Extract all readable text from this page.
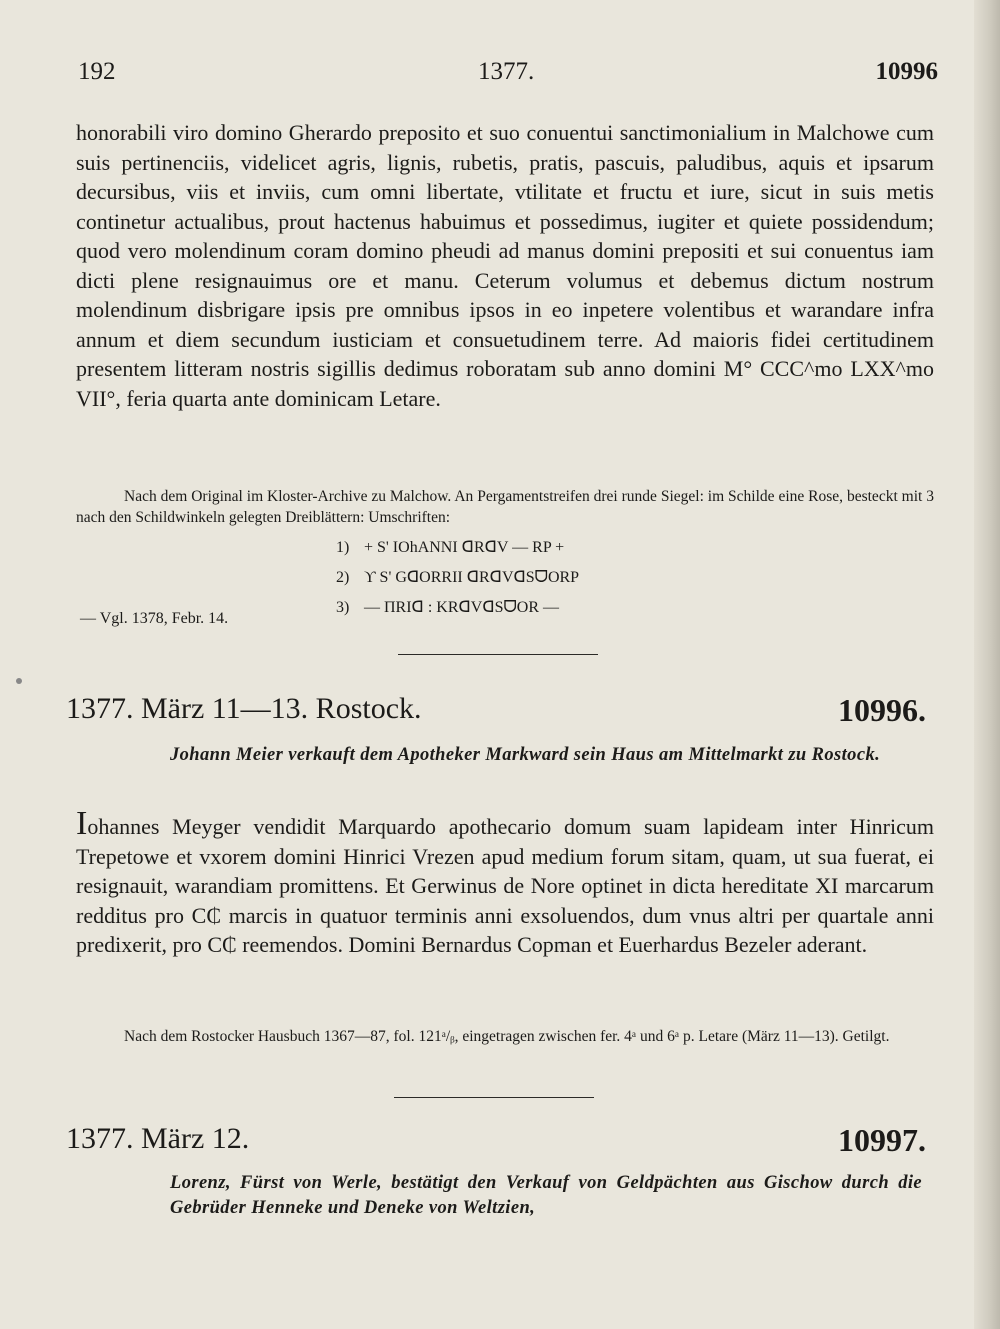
192	1377.	10996

honorabili viro domino Gherardo preposito et suo conuentui sanctimonialium in Malchowe cum suis pertinenciis, videlicet agris, lignis, rubetis, pratis, pascuis, paludibus, aquis et ipsarum decursibus, viis et inviis, cum omni libertate, vtilitate et fructu et iure, sicut in suis metis continetur actualibus, prout hactenus habuimus et possedimus, iugiter et quiete possidendum; quod vero molendinum coram domino pheudi ad manus domini prepositi et sui conuentus iam dicti plene resignauimus ore et manu. Ceterum volumus et debemus dictum nostrum molendinum disbrigare ipsis pre omnibus ipsos in eo inpetere volentibus et warandare infra annum et diem secundum iusticiam et consuetudinem terre. Ad maioris fidei certitudinem presentem litteram nostris sigillis dedimus roboratam sub anno domini M° CCC^mo LXX^mo VII°, feria quarta ante dominicam Letare.

Nach dem Original im Kloster-Archive zu Malchow. An Pergamentstreifen drei runde Siegel: im Schilde eine Rose, besteckt mit 3 nach den Schildwinkeln gelegten Dreiblättern: Umschriften:

1) + S' IOhANNI ᗡRᗡV — RP +
2) ϒ S' GᗡORRII ᗡRᗡVᗡSᗜORP
3) — ΠRIᗡ : KRᗡVᗡSᗜOR —
— Vgl. 1378, Febr. 14.
1377. März 11—13. Rostock.	10996.

Johann Meier verkauft dem Apotheker Markward sein Haus am Mittelmarkt zu Rostock.

Iohannes Meyger vendidit Marquardo apothecario domum suam lapideam inter Hinricum Trepetowe et vxorem domini Hinrici Vrezen apud medium forum sitam, quam, ut sua fuerat, ei resignauit, warandiam promittens. Et Gerwinus de Nore optinet in dicta hereditate XI marcarum redditus pro C₵ marcis in quatuor terminis anni exsoluendos, dum vnus altri per quartale anni predixerit, pro C₵ reemendos. Domini Bernardus Copman et Euerhardus Bezeler aderant.

Nach dem Rostocker Hausbuch 1367—87, fol. 121ᵃ/ᵦ, eingetragen zwischen fer. 4ᵃ und 6ᵃ p. Letare (März 11—13). Getilgt.

1377. März 12.	10997.

Lorenz, Fürst von Werle, bestätigt den Verkauf von Geldpächten aus Gischow durch die Gebrüder Henneke und Deneke von Weltzien,
